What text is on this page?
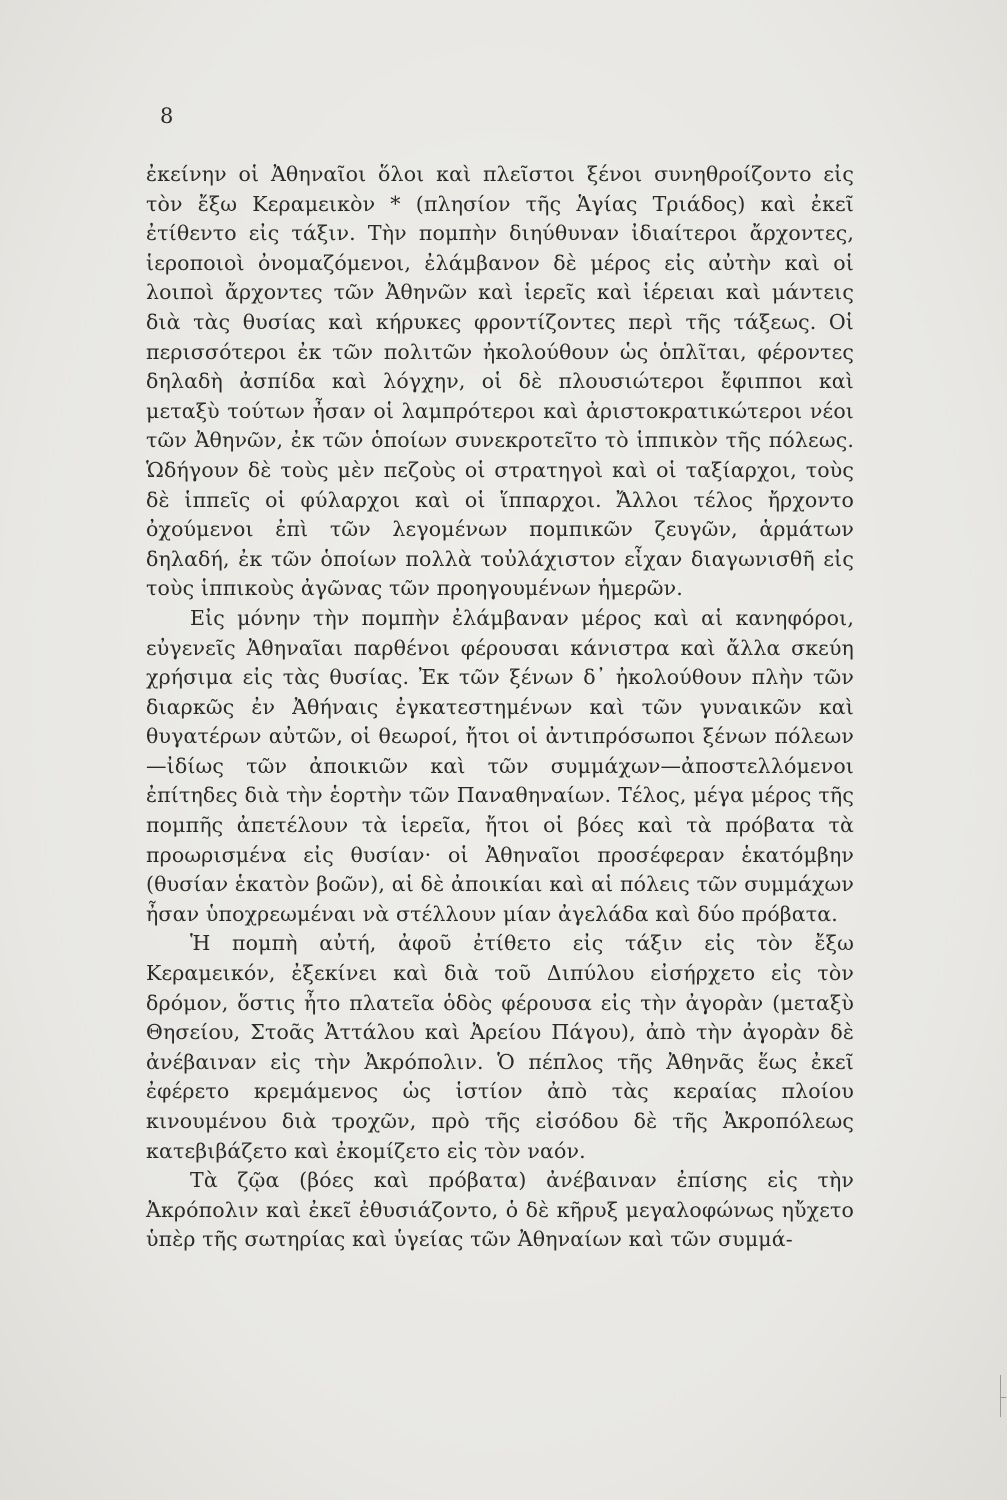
8

ἐκείνην οἱ Ἀθηναῖοι ὅλοι καὶ πλεῖστοι ξένοι συνηθροίζοντο εἰς τὸν ἔξω Κεραμεικὸν * (πλησίον τῆς Ἁγίας Τριάδος) καὶ ἐκεῖ ἐτίθεντο εἰς τάξιν. Τὴν πομπὴν διηύθυναν ἰδιαίτεροι ἄρχοντες, ἱεροποιοὶ ὀνομαζόμενοι, ἐλάμβανον δὲ μέρος εἰς αὐτὴν καὶ οἱ λοιποὶ ἄρχοντες τῶν Ἀθηνῶν καὶ ἱερεῖς καὶ ἱέρειαι καὶ μάντεις διὰ τὰς θυσίας καὶ κήρυκες φροντίζοντες περὶ τῆς τάξεως. Οἱ περισσότεροι ἐκ τῶν πολιτῶν ἠκολούθουν ὡς ὁπλῖται, φέροντες δηλαδὴ ἀσπίδα καὶ λόγχην, οἱ δὲ πλουσιώτεροι ἔφιπποι καὶ μεταξὺ τούτων ἦσαν οἱ λαμπρότεροι καὶ ἀριστοκρατικώτεροι νέοι τῶν Ἀθηνῶν, ἐκ τῶν ὁποίων συνεκροτεῖτο τὸ ἱππικὸν τῆς πόλεως. Ὡδήγουν δὲ τοὺς μὲν πεζοὺς οἱ στρατηγοὶ καὶ οἱ ταξίαρχοι, τοὺς δὲ ἱππεῖς οἱ φύλαρχοι καὶ οἱ ἵππαρχοι. Ἄλλοι τέλος ἤρχοντο ὀχούμενοι ἐπὶ τῶν λεγομένων πομπικῶν ζευγῶν, ἁρμάτων δηλαδή, ἐκ τῶν ὁποίων πολλὰ τοὐλάχιστον εἶχαν διαγωνισθῆ εἰς τοὺς ἱππικοὺς ἀγῶνας τῶν προηγουμένων ἡμερῶν.

Εἰς μόνην τὴν πομπὴν ἐλάμβαναν μέρος καὶ αἱ κανηφόροι, εὐγενεῖς Ἀθηναῖαι παρθένοι φέρουσαι κάνιστρα καὶ ἄλλα σκεύη χρήσιμα εἰς τὰς θυσίας. Ἐκ τῶν ξένων δ᾽ ἠκολούθουν πλὴν τῶν διαρκῶς ἐν Ἀθήναις ἐγκατεστημένων καὶ τῶν γυναικῶν καὶ θυγατέρων αὐτῶν, οἱ θεωροί, ἤτοι οἱ ἀντιπρόσωποι ξένων πόλεων —ἰδίως τῶν ἀποικιῶν καὶ τῶν συμμάχων—ἀποστελλόμενοι ἐπίτηδες διὰ τὴν ἑορτὴν τῶν Παναθηναίων. Τέλος, μέγα μέρος τῆς πομπῆς ἀπετέλουν τὰ ἱερεῖα, ἤτοι οἱ βόες καὶ τὰ πρόβατα τὰ προωρισμένα εἰς θυσίαν· οἱ Ἀθηναῖοι προσέφεραν ἑκατόμβην (θυσίαν ἑκατὸν βοῶν), αἱ δὲ ἀποικίαι καὶ αἱ πόλεις τῶν συμμάχων ἦσαν ὑποχρεωμέναι νὰ στέλλουν μίαν ἀγελάδα καὶ δύο πρόβατα.

Ἡ πομπὴ αὐτή, ἀφοῦ ἐτίθετο εἰς τάξιν εἰς τὸν ἔξω Κεραμεικόν, ἐξεκίνει καὶ διὰ τοῦ Διπύλου εἰσήρχετο εἰς τὸν δρόμον, ὅστις ἦτο πλατεῖα ὁδὸς φέρουσα εἰς τὴν ἀγορὰν (μεταξὺ Θησείου, Στοᾶς Ἀττάλου καὶ Ἀρείου Πάγου), ἀπὸ τὴν ἀγορὰν δὲ ἀνέβαιναν εἰς τὴν Ἀκρόπολιν. Ὁ πέπλος τῆς Ἀθηνᾶς ἕως ἐκεῖ ἐφέρετο κρεμάμενος ὡς ἱστίον ἀπὸ τὰς κεραίας πλοίου κινουμένου διὰ τροχῶν, πρὸ τῆς εἰσόδου δὲ τῆς Ἀκροπόλεως κατεβιβάζετο καὶ ἐκομίζετο εἰς τὸν ναόν.

Τὰ ζῷα (βόες καὶ πρόβατα) ἀνέβαιναν ἐπίσης εἰς τὴν Ἀκρόπολιν καὶ ἐκεῖ ἐθυσιάζοντο, ὁ δὲ κῆρυξ μεγαλοφώνως ηὔχετο ὑπὲρ τῆς σωτηρίας καὶ ὑγείας τῶν Ἀθηναίων καὶ τῶν συμμά-
